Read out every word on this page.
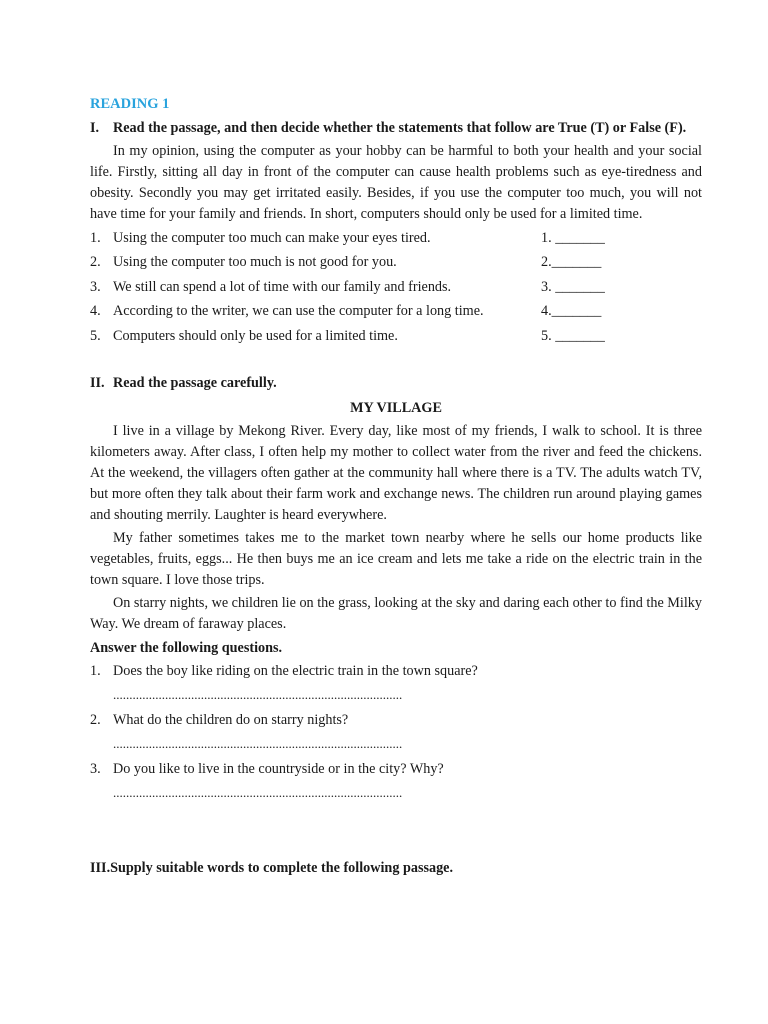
READING 1
I. Read the passage, and then decide whether the statements that follow are True (T) or False (F).

In my opinion, using the computer as your hobby can be harmful to both your health and your social life. Firstly, sitting all day in front of the computer can cause health problems such as eye-tiredness and obesity. Secondly you may get irritated easily. Besides, if you use the computer too much, you will not have time for your family and friends. In short, computers should only be used for a limited time.

1. Using the computer too much can make your eyes tired.	1. _______
2. Using the computer too much is not good for you.	2._______
3. We still can spend a lot of time with our family and friends.	3. _______
4. According to the writer, we can use the computer for a long time.	4._______
5. Computers should only be used for a limited time.	5. _______
II. Read the passage carefully.
MY VILLAGE

I live in a village by Mekong River. Every day, like most of my friends, I walk to school. It is three kilometers away. After class, I often help my mother to collect water from the river and feed the chickens. At the weekend, the villagers often gather at the community hall where there is a TV. The adults watch TV, but more often they talk about their farm work and exchange news. The children run around playing games and shouting merrily. Laughter is heard everywhere.

My father sometimes takes me to the market town nearby where he sells our home products like vegetables, fruits, eggs... He then buys me an ice cream and lets me take a ride on the electric train in the town square. I love those trips.

On starry nights, we children lie on the grass, looking at the sky and daring each other to find the Milky Way. We dream of faraway places.

Answer the following questions.
1. Does the boy like riding on the electric train in the town square?
.........................................................................................
2. What do the children do on starry nights?
.........................................................................................
3. Do you like to live in the countryside or in the city? Why?
.........................................................................................
III. Supply suitable words to complete the following passage.
